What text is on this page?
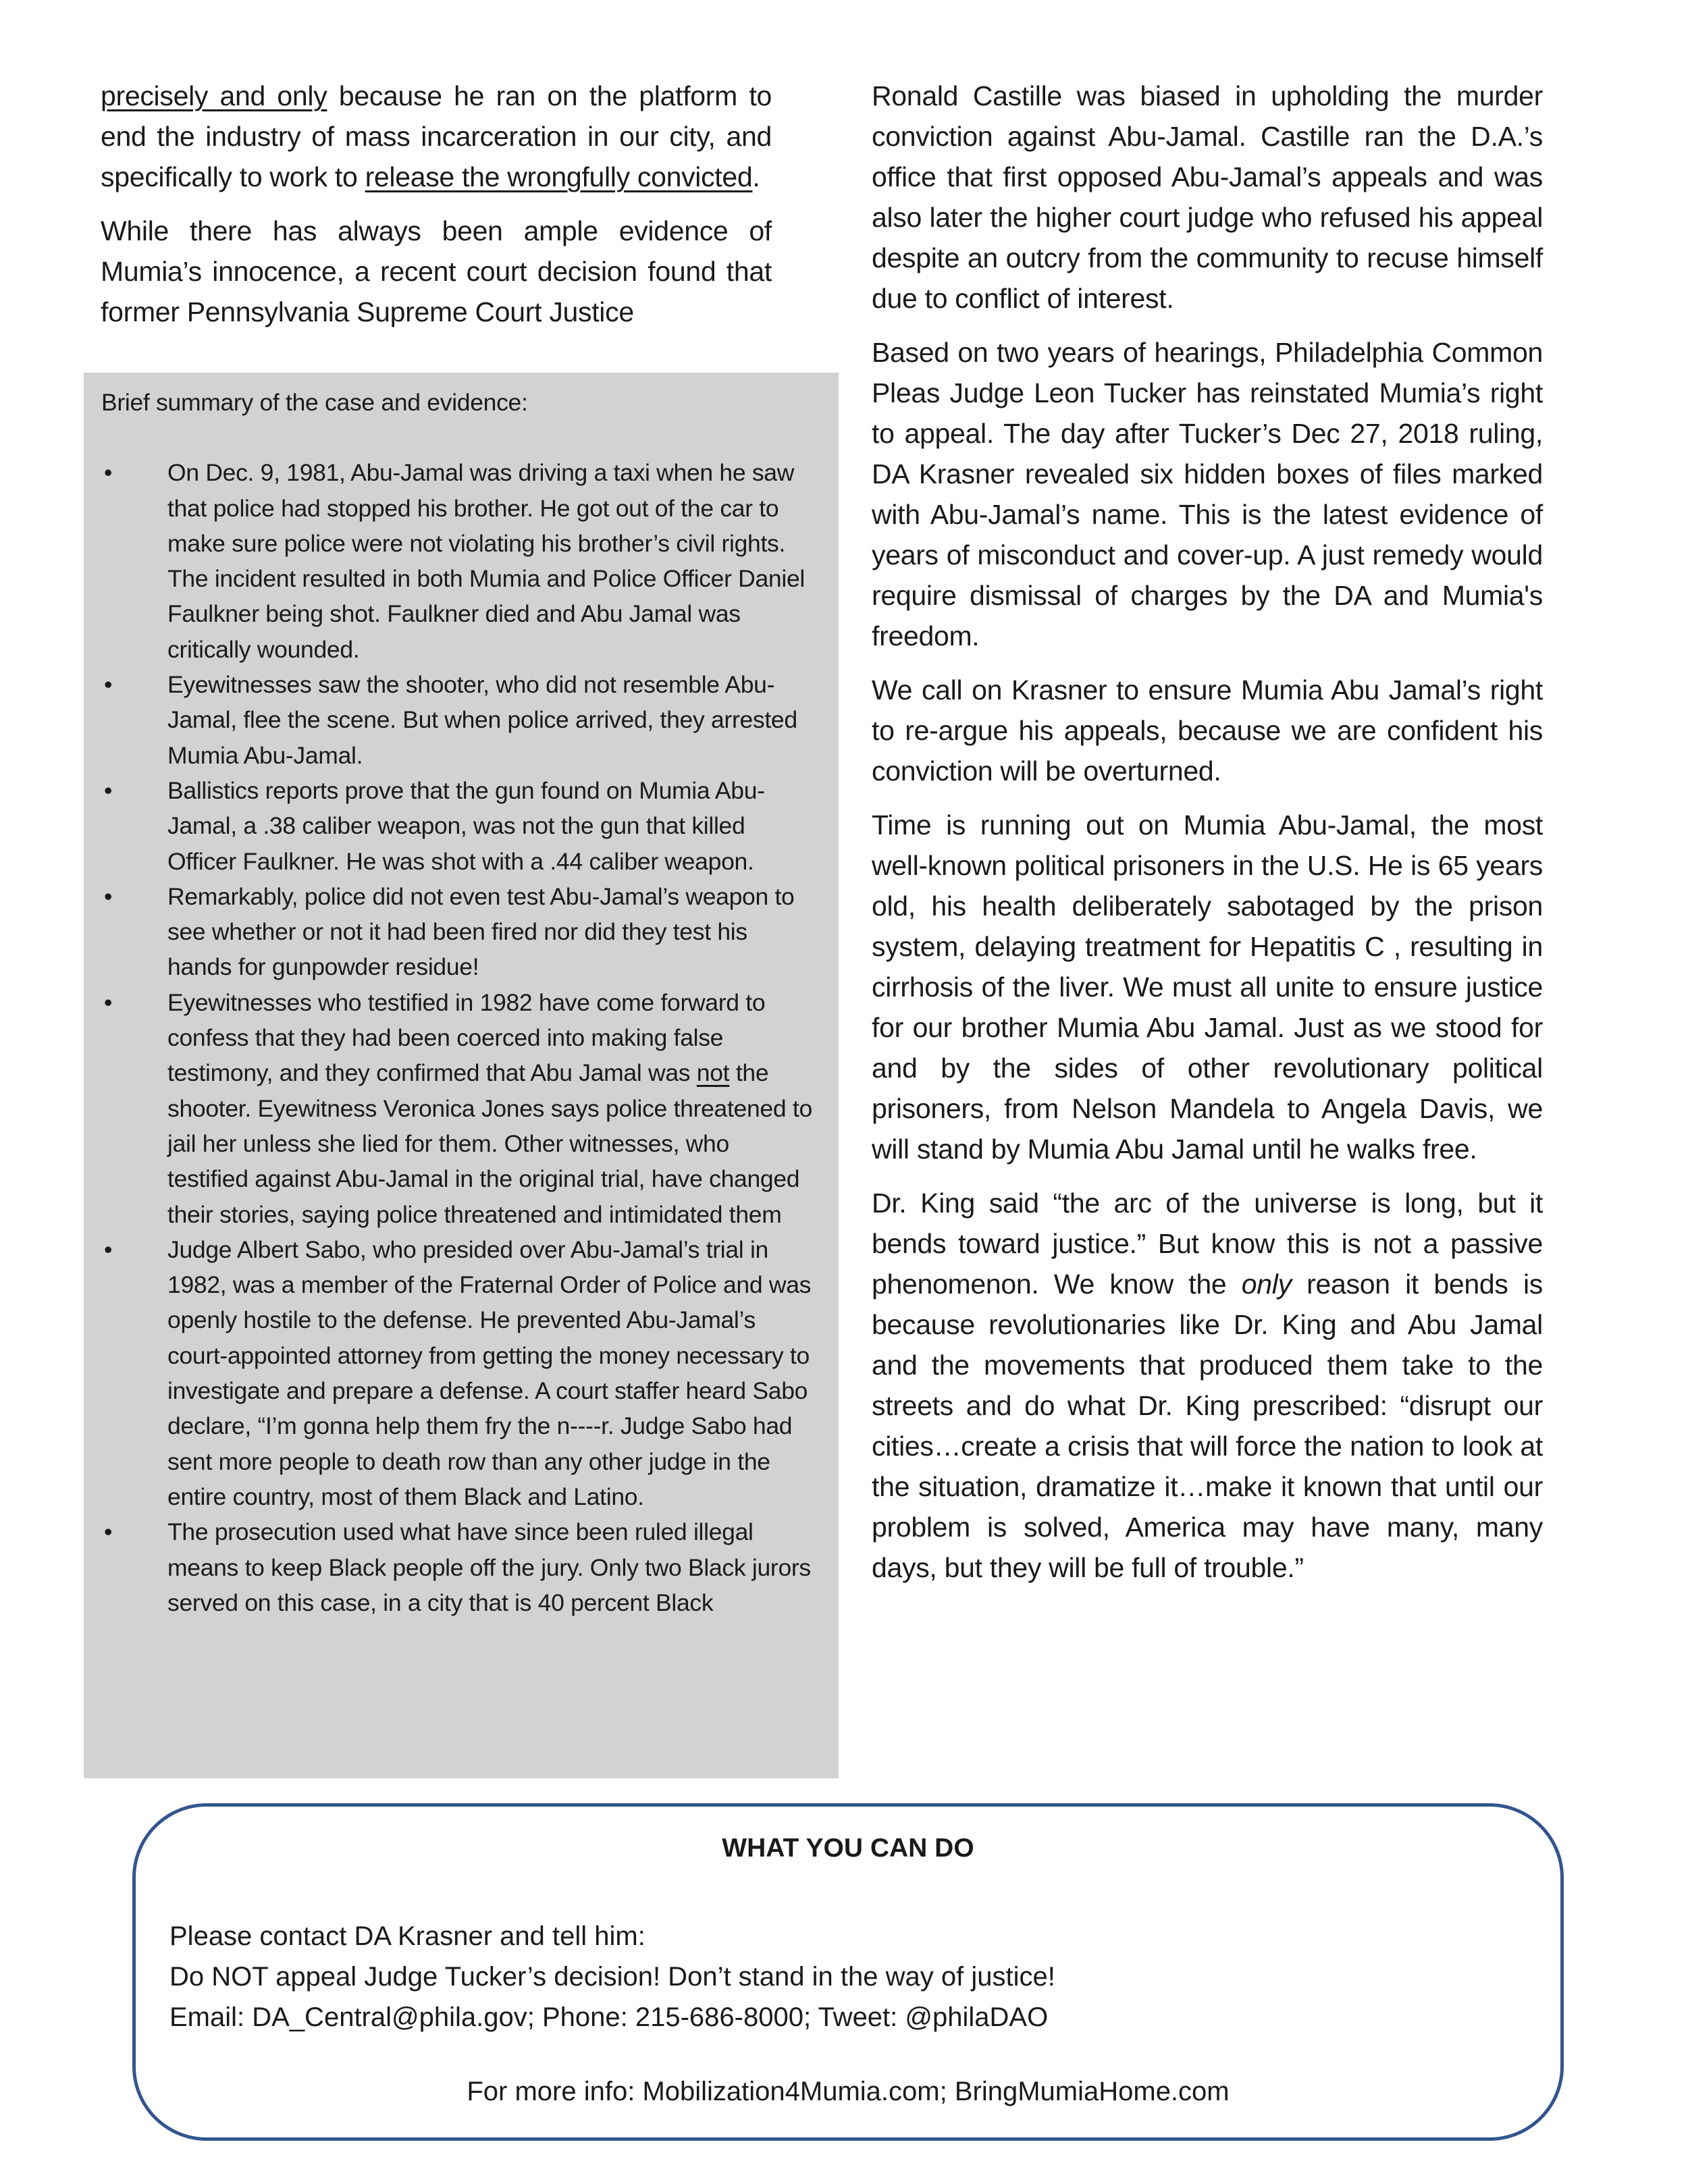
precisely and only because he ran on the platform to end the industry of mass incarceration in our city, and specifically to work to release the wrongfully convicted.

While there has always been ample evidence of Mumia’s innocence, a recent court decision found that former Pennsylvania Supreme Court Justice

Ronald Castille was biased in upholding the murder conviction against Abu-Jamal. Castille ran the D.A.’s office that first opposed Abu-Jamal’s appeals and was also later the higher court judge who refused his appeal despite an outcry from the community to recuse himself due to conflict of interest.

Based on two years of hearings, Philadelphia Common Pleas Judge Leon Tucker has reinstated Mumia’s right to appeal. The day after Tucker’s Dec 27, 2018 ruling, DA Krasner revealed six hidden boxes of files marked with Abu-Jamal’s name. This is the latest evidence of years of misconduct and cover-up. A just remedy would require dismissal of charges by the DA and Mumia's freedom.

We call on Krasner to ensure Mumia Abu Jamal’s right to re-argue his appeals, because we are confident his conviction will be overturned.

Time is running out on Mumia Abu-Jamal, the most well-known political prisoners in the U.S. He is 65 years old, his health deliberately sabotaged by the prison system, delaying treatment for Hepatitis C , resulting in cirrhosis of the liver. We must all unite to ensure justice for our brother Mumia Abu Jamal. Just as we stood for and by the sides of other revolutionary political prisoners, from Nelson Mandela to Angela Davis, we will stand by Mumia Abu Jamal until he walks free.

Dr. King said “the arc of the universe is long, but it bends toward justice.” But know this is not a passive phenomenon. We know the only reason it bends is because revolutionaries like Dr. King and Abu Jamal and the movements that produced them take to the streets and do what Dr. King prescribed: “disrupt our cities…create a crisis that will force the nation to look at the situation, dramatize it…make it known that until our problem is solved, America may have many, many days, but they will be full of trouble.”

Brief summary of the case and evidence:

• On Dec. 9, 1981, Abu-Jamal was driving a taxi when he saw that police had stopped his brother. He got out of the car to make sure police were not violating his brother’s civil rights. The incident resulted in both Mumia and Police Officer Daniel Faulkner being shot. Faulkner died and Abu Jamal was critically wounded.
• Eyewitnesses saw the shooter, who did not resemble Abu-Jamal, flee the scene. But when police arrived, they arrested Mumia Abu-Jamal.
• Ballistics reports prove that the gun found on Mumia Abu-Jamal, a .38 caliber weapon, was not the gun that killed Officer Faulkner. He was shot with a .44 caliber weapon.
• Remarkably, police did not even test Abu-Jamal’s weapon to see whether or not it had been fired nor did they test his hands for gunpowder residue!
• Eyewitnesses who testified in 1982 have come forward to confess that they had been coerced into making false testimony, and they confirmed that Abu Jamal was not the shooter. Eyewitness Veronica Jones says police threatened to jail her unless she lied for them. Other witnesses, who testified against Abu-Jamal in the original trial, have changed their stories, saying police threatened and intimidated them
• Judge Albert Sabo, who presided over Abu-Jamal’s trial in 1982, was a member of the Fraternal Order of Police and was openly hostile to the defense. He prevented Abu-Jamal’s court-appointed attorney from getting the money necessary to investigate and prepare a defense. A court staffer heard Sabo declare, “I’m gonna help them fry the n----r. Judge Sabo had sent more people to death row than any other judge in the entire country, most of them Black and Latino.
• The prosecution used what have since been ruled illegal means to keep Black people off the jury. Only two Black jurors served on this case, in a city that is 40 percent Black
WHAT YOU CAN DO
Please contact DA Krasner and tell him:
Do NOT appeal Judge Tucker’s decision! Don’t stand in the way of justice!
Email: DA_Central@phila.gov; Phone: 215-686-8000; Tweet: @philaDAO
For more info: Mobilization4Mumia.com; BringMumiaHome.com
